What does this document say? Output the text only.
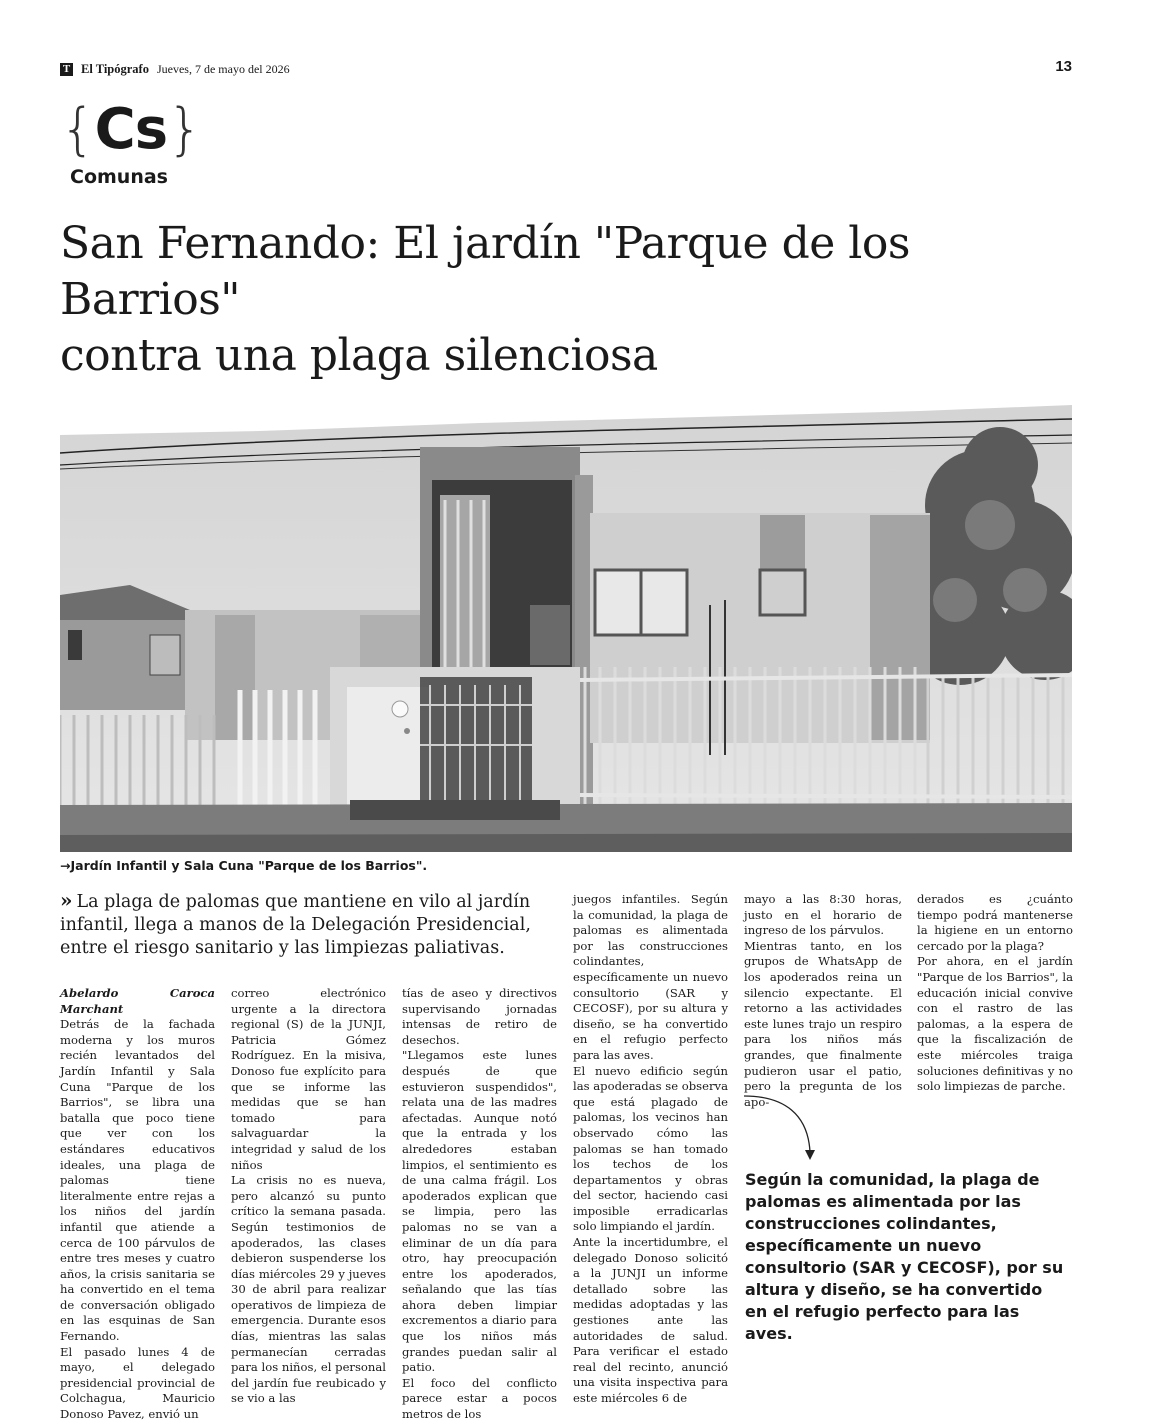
T El Tipógrafo Jueves, 7 de mayo del 2026	13
{Cs}
Comunas
San Fernando: El jardín "Parque de los Barrios"
contra una plaga silenciosa
→Jardín Infantil y Sala Cuna "Parque de los Barrios".
» La plaga de palomas que mantiene en vilo al jardín infantil, llega a manos de la Delegación Presidencial, entre el riesgo sanitario y las limpiezas paliativas.

Abelardo Caroca Marchant

Detrás de la fachada moderna y los muros recién levantados del Jardín Infantil y Sala Cuna "Parque de los Barrios", se libra una batalla que poco tiene que ver con los estándares educativos ideales, una plaga de palomas tiene literalmente entre rejas a los niños del jardín infantil que atiende a cerca de 100 párvulos de entre tres meses y cuatro años, la crisis sanitaria se ha convertido en el tema de conversación obligado en las esquinas de San Fernando.

El pasado lunes 4 de mayo, el delegado presidencial provincial de Colchagua, Mauricio Donoso Pavez, envió un

correo electrónico urgente a la directora regional (S) de la JUNJI, Patricia Gómez Rodríguez. En la misiva, Donoso fue explícito para que se informe las medidas que se han tomado para salvaguardar la integridad y salud de los niños

La crisis no es nueva, pero alcanzó su punto crítico la semana pasada. Según testimonios de apoderados, las clases debieron suspenderse los días miércoles 29 y jueves 30 de abril para realizar operativos de limpieza de emergencia. Durante esos días, mientras las salas permanecían cerradas para los niños, el personal del jardín fue reubicado y se vio a las

tías de aseo y directivos supervisando jornadas intensas de retiro de desechos.

"Llegamos este lunes después de que estuvieron suspendidos", relata una de las madres afectadas. Aunque notó que la entrada y los alrededores estaban limpios, el sentimiento es de una calma frágil. Los apoderados explican que se limpia, pero las palomas no se van a eliminar de un día para otro, hay preocupación entre los apoderados, señalando que las tías ahora deben limpiar excrementos a diario para que los niños más grandes puedan salir al patio.

El foco del conflicto parece estar a pocos metros de los

juegos infantiles. Según la comunidad, la plaga de palomas es alimentada por las construcciones colindantes, específicamente un nuevo consultorio (SAR y CECOSF), por su altura y diseño, se ha convertido en el refugio perfecto para las aves.

El nuevo edificio según las apoderadas se observa que está plagado de palomas, los vecinos han observado cómo las palomas se han tomado los techos de los departamentos y obras del sector, haciendo casi imposible erradicarlas solo limpiando el jardín.

Ante la incertidumbre, el delegado Donoso solicitó a la JUNJI un informe detallado sobre las medidas adoptadas y las gestiones ante las autoridades de salud. Para verificar el estado real del recinto, anunció una visita inspectiva para este miércoles 6 de

mayo a las 8:30 horas, justo en el horario de ingreso de los párvulos.

Mientras tanto, en los grupos de WhatsApp de los apoderados reina un silencio expectante. El retorno a las actividades este lunes trajo un respiro para los niños más grandes, que finalmente pudieron usar el patio, pero la pregunta de los apo-

derados es ¿cuánto tiempo podrá mantenerse la higiene en un entorno cercado por la plaga?

Por ahora, en el jardín "Parque de los Barrios", la educación inicial convive con el rastro de las palomas, a la espera de que la fiscalización de este miércoles traiga soluciones definitivas y no solo limpiezas de parche.

Según la comunidad, la plaga de palomas es alimentada por las construcciones colindantes, específicamente un nuevo consultorio (SAR y CECOSF), por su altura y diseño, se ha convertido en el refugio perfecto para las aves.
